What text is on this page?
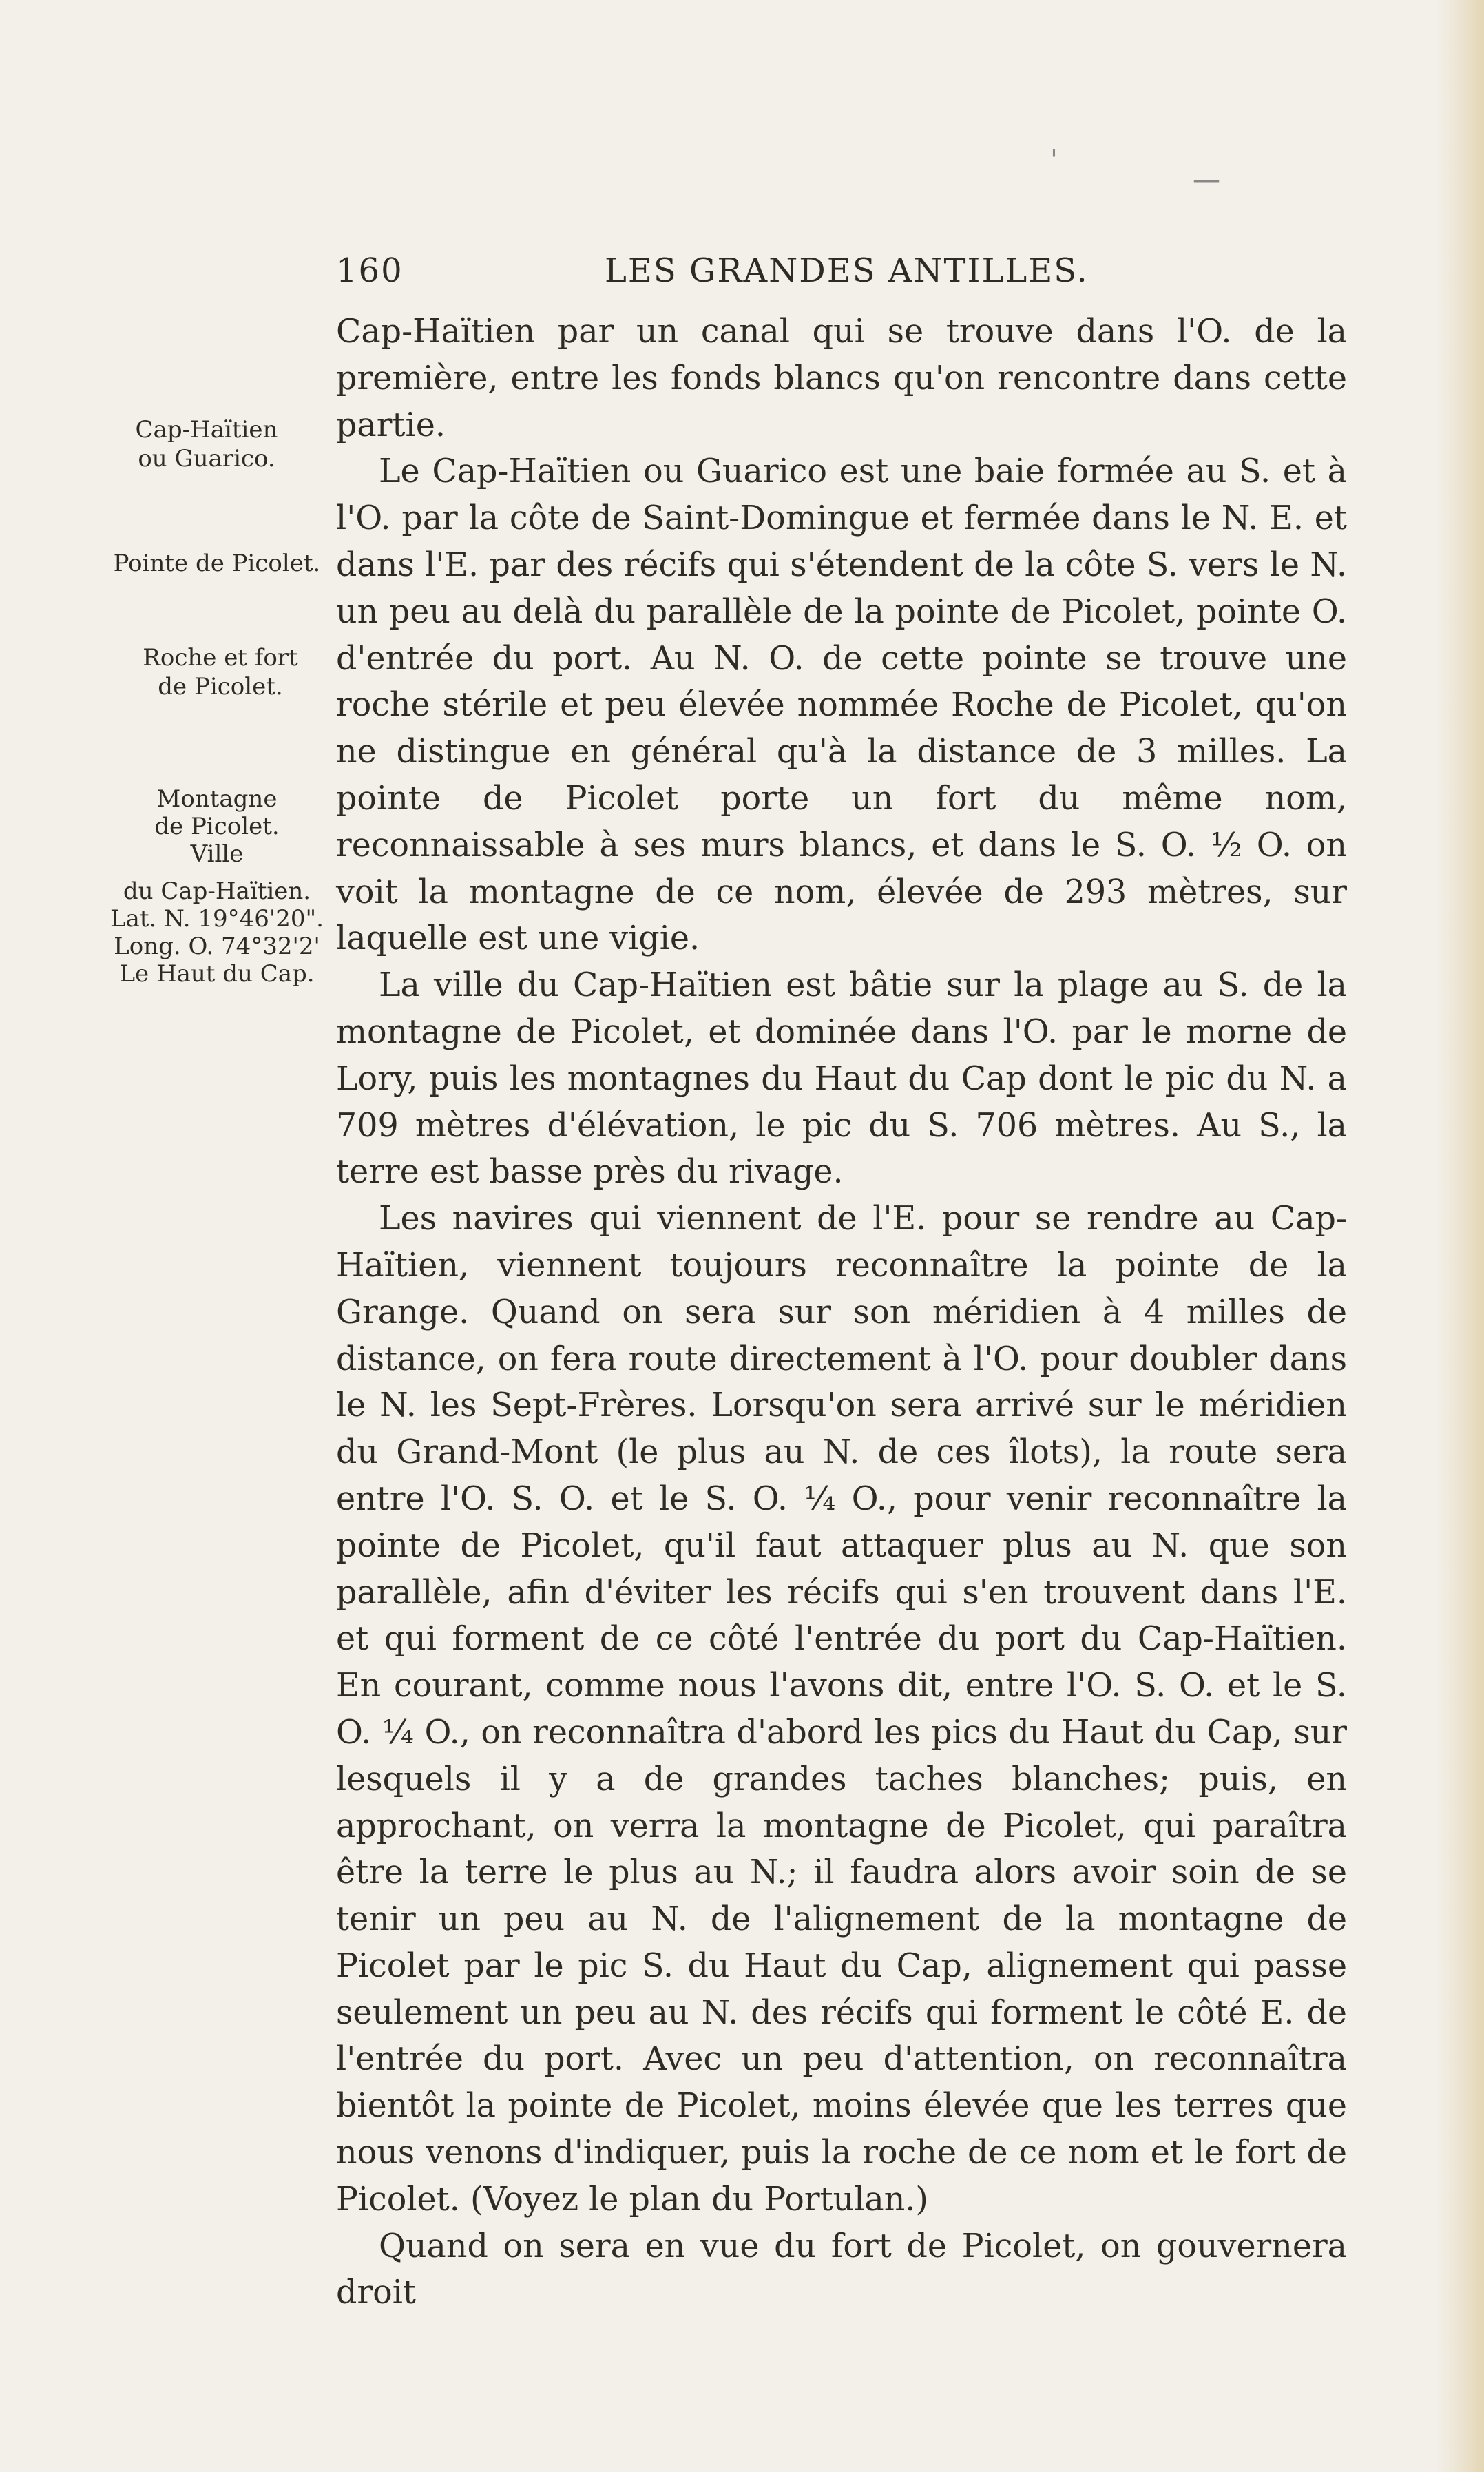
'
—
160	LES GRANDES ANTILLES.
Cap-Haïtien
ou Guarico.
Pointe de Picolet.
Roche et fort
de Picolet.
Montagne
de Picolet.
Ville
du Cap-Haïtien.
Lat. N. 19°46'20".
Long. O. 74°32'2'
Le Haut du Cap.

Cap-Haïtien par un canal qui se trouve dans l'O. de la première, entre les fonds blancs qu'on rencontre dans cette partie.

Le Cap-Haïtien ou Guarico est une baie formée au S. et à l'O. par la côte de Saint-Domingue et fermée dans le N. E. et dans l'E. par des récifs qui s'étendent de la côte S. vers le N. un peu au delà du parallèle de la pointe de Picolet, pointe O. d'entrée du port. Au N. O. de cette pointe se trouve une roche stérile et peu élevée nommée Roche de Picolet, qu'on ne distingue en général qu'à la distance de 3 milles. La pointe de Picolet porte un fort du même nom, reconnaissable à ses murs blancs, et dans le S. O. ½ O. on voit la montagne de ce nom, élevée de 293 mètres, sur laquelle est une vigie.

La ville du Cap-Haïtien est bâtie sur la plage au S. de la montagne de Picolet, et dominée dans l'O. par le morne de Lory, puis les montagnes du Haut du Cap dont le pic du N. a 709 mètres d'élévation, le pic du S. 706 mètres. Au S., la terre est basse près du rivage.

Les navires qui viennent de l'E. pour se rendre au Cap-Haïtien, viennent toujours reconnaître la pointe de la Grange. Quand on sera sur son méridien à 4 milles de distance, on fera route directement à l'O. pour doubler dans le N. les Sept-Frères. Lorsqu'on sera arrivé sur le méridien du Grand-Mont (le plus au N. de ces îlots), la route sera entre l'O. S. O. et le S. O. ¼ O., pour venir reconnaître la pointe de Picolet, qu'il faut attaquer plus au N. que son parallèle, afin d'éviter les récifs qui s'en trouvent dans l'E. et qui forment de ce côté l'entrée du port du Cap-Haïtien. En courant, comme nous l'avons dit, entre l'O. S. O. et le S. O. ¼ O., on reconnaîtra d'abord les pics du Haut du Cap, sur lesquels il y a de grandes taches blanches; puis, en approchant, on verra la montagne de Picolet, qui paraîtra être la terre le plus au N.; il faudra alors avoir soin de se tenir un peu au N. de l'alignement de la montagne de Picolet par le pic S. du Haut du Cap, alignement qui passe seulement un peu au N. des récifs qui forment le côté E. de l'entrée du port. Avec un peu d'attention, on reconnaîtra bientôt la pointe de Picolet, moins élevée que les terres que nous venons d'indiquer, puis la roche de ce nom et le fort de Picolet. (Voyez le plan du Portulan.)

Quand on sera en vue du fort de Picolet, on gouvernera droit
